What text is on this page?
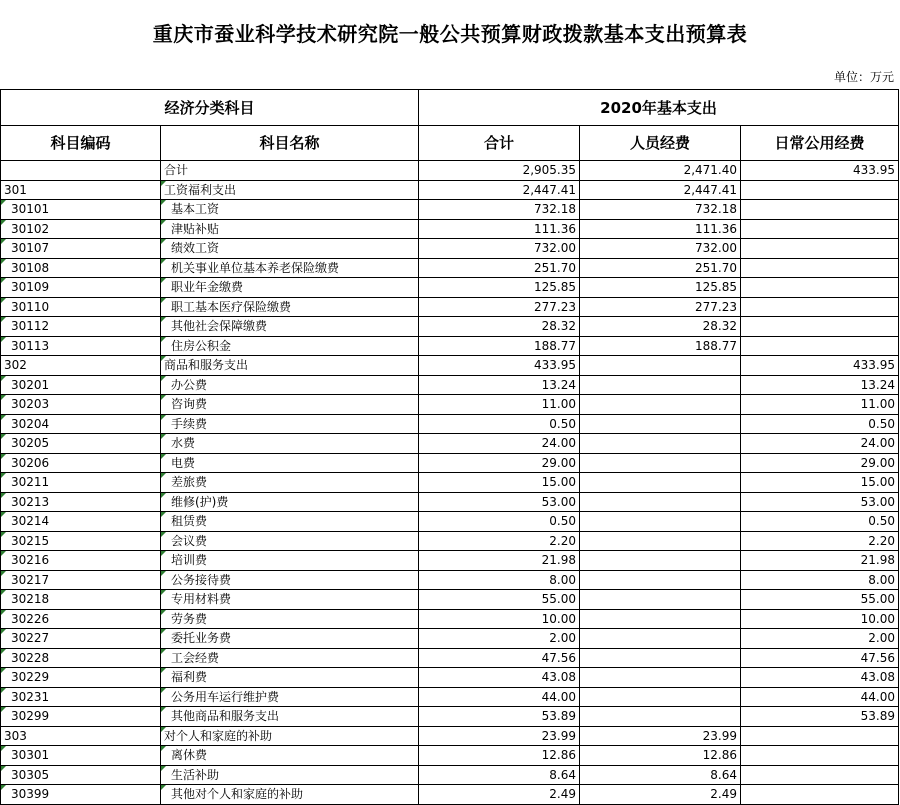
重庆市蚕业科学技术研究院一般公共预算财政拨款基本支出预算表
单位：万元
经济分类科目		2020年基本支出		
科目编码	科目名称	合计	人员经费	日常公用经费
	合计	2,905.35	2,471.40	433.95
301	工资福利支出	2,447.41	2,447.41	

30101	基本工资	732.18	732.18	

30102	津贴补贴	111.36	111.36	

30107	绩效工资	732.00	732.00	

30108	机关事业单位基本养老保险缴费	251.70	251.70	

30109	职业年金缴费	125.85	125.85	

30110	职工基本医疗保险缴费	277.23	277.23	

30112	其他社会保障缴费	28.32	28.32	

30113	住房公积金	188.77	188.77	
302	商品和服务支出	433.95		433.95

30201	办公费	13.24		13.24

30203	咨询费	11.00		11.00

30204	手续费	0.50		0.50

30205	水费	24.00		24.00

30206	电费	29.00		29.00

30211	差旅费	15.00		15.00

30213	维修(护)费	53.00		53.00

30214	租赁费	0.50		0.50

30215	会议费	2.20		2.20

30216	培训费	21.98		21.98

30217	公务接待费	8.00		8.00

30218	专用材料费	55.00		55.00

30226	劳务费	10.00		10.00

30227	委托业务费	2.00		2.00

30228	工会经费	47.56		47.56

30229	福利费	43.08		43.08

30231	公务用车运行维护费	44.00		44.00

30299	其他商品和服务支出	53.89		53.89
303	对个人和家庭的补助	23.99	23.99	

30301	离休费	12.86	12.86	

30305	生活补助	8.64	8.64	

30399	其他对个人和家庭的补助	2.49	2.49	
